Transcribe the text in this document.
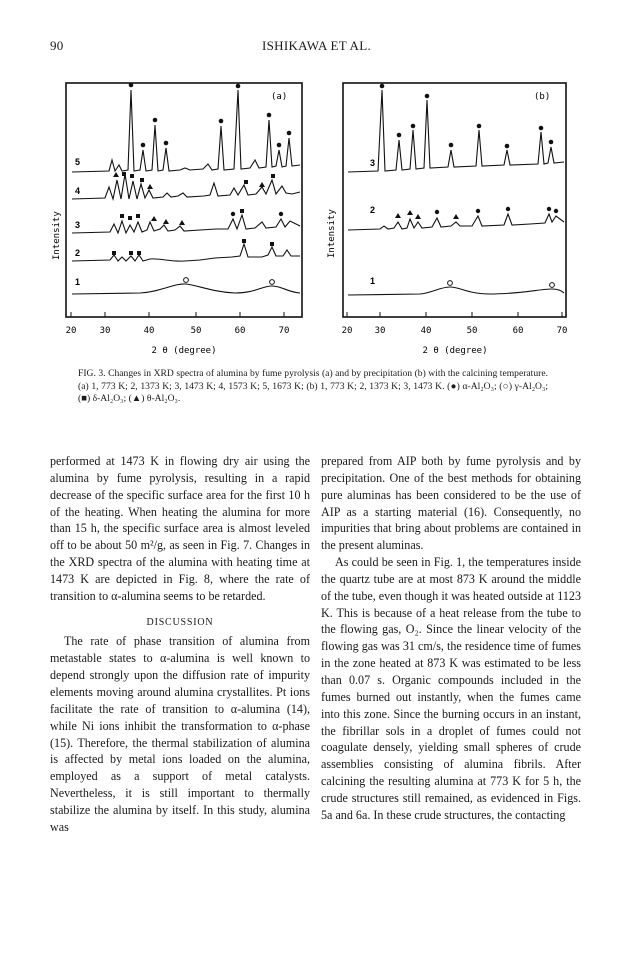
90	ISHIKAWA ET AL.
(a)
Intensity
5
4
3
2
1
20	30	40	50	60	70
2 θ (degree)
(b)
Intensity
3
2
1
20 30	40	50	60	70
2 θ (degree)
FIG. 3. Changes in XRD spectra of alumina by fume pyrolysis (a) and by precipitation (b) with the calcining temperature. (a) 1, 773 K; 2, 1373 K; 3, 1473 K; 4, 1573 K; 5, 1673 K; (b) 1, 773 K; 2, 1373 K; 3, 1473 K. (●) α-Al₂O₃; (○) γ-Al₂O₃; (■) δ-Al₂O₃; (▲) θ-Al₂O₃.

performed at 1473 K in flowing dry air using the alumina by fume pyrolysis, resulting in a rapid decrease of the specific surface area for the first 10 h of the heating. When heating the alumina for more than 15 h, the specific surface area is almost leveled off to be about 50 m²/g, as seen in Fig. 7. Changes in the XRD spectra of the alumina with heating time at 1473 K are depicted in Fig. 8, where the rate of transition to α-alumina seems to be retarded.

DISCUSSION

The rate of phase transition of alumina from metastable states to α-alumina is well known to depend strongly upon the diffusion rate of impurity elements moving around alumina crystallites. Pt ions facilitate the rate of transition to α-alumina (14), while Ni ions inhibit the transformation to α-phase (15). Therefore, the thermal stabilization of alumina is affected by metal ions loaded on the alumina, employed as a support of metal catalysts. Nevertheless, it is still important to thermally stabilize the alumina by itself. In this study, alumina was

prepared from AIP both by fume pyrolysis and by precipitation. One of the best methods for obtaining pure aluminas has been considered to be the use of AIP as a starting material (16). Consequently, no impurities that bring about problems are contained in the present aluminas.

As could be seen in Fig. 1, the temperatures inside the quartz tube are at most 873 K around the middle of the tube, even though it was heated outside at 1123 K. This is because of a heat release from the tube to the flowing gas, O₂. Since the linear velocity of the flowing gas was 31 cm/s, the residence time of fumes in the zone heated at 873 K was estimated to be less than 0.07 s. Organic compounds included in the fumes burned out instantly, when the fumes came into this zone. Since the burning occurs in an instant, the fibrillar sols in a droplet of fumes could not coagulate densely, yielding small spheres of crude assemblies consisting of alumina fibrils. After calcining the resulting alumina at 773 K for 5 h, the crude structures still remained, as evidenced in Figs. 5a and 6a. In these crude structures, the contacting
